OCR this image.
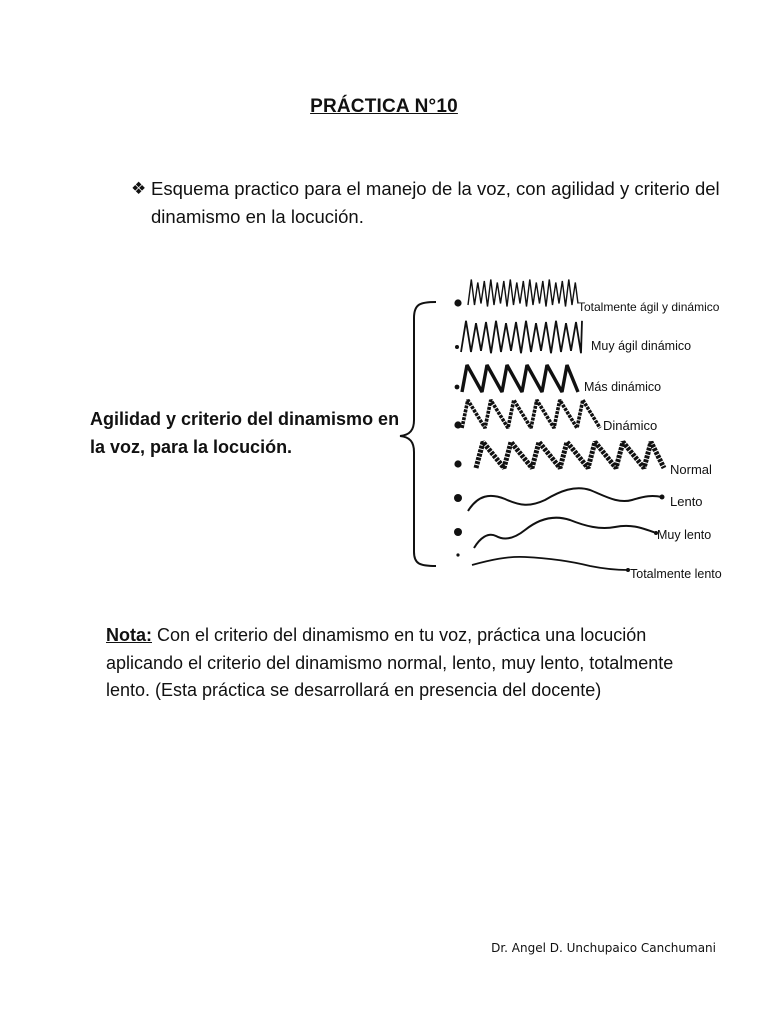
PRÁCTICA N°10

❖ Esquema practico para el manejo de la voz, con agilidad y criterio del dinamismo en la locución.

Agilidad y criterio del dinamismo en la voz, para la locución.

Totalmente ágil y dinámico
Muy ágil dinámico
Más dinámico
Dinámico
Normal
Lento
Muy lento
Totalmente lento

Nota: Con el criterio del dinamismo en tu voz, práctica una locución aplicando el criterio del dinamismo normal, lento, muy lento, totalmente lento. (Esta práctica se desarrollará en presencia del docente)

Dr. Angel D. Unchupaico Canchumani
